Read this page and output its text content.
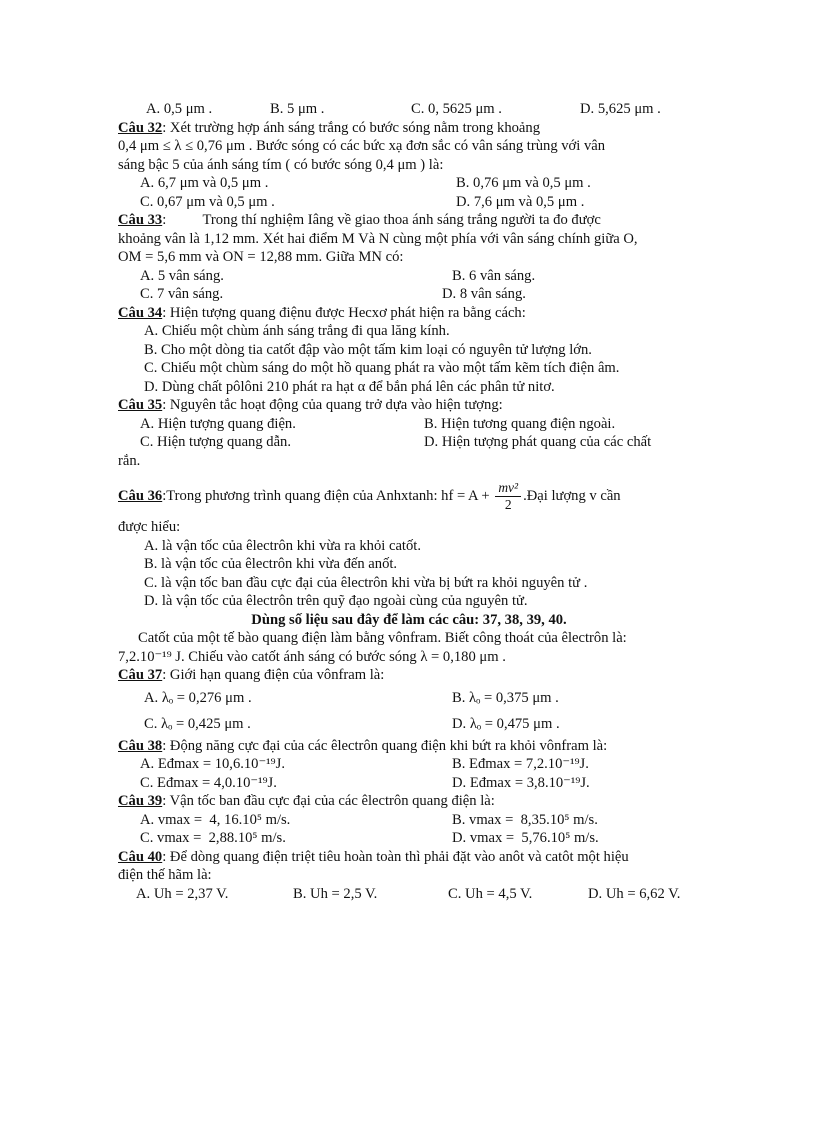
A. 0,5 μm .	B. 5 μm .	C. 0, 5625 μm .	D. 5,625 μm .
Câu 32: Xét trường hợp ánh sáng trắng có bước sóng nằm trong khoảng
0,4 μm ≤ λ ≤ 0,76 μm . Bước sóng có các bức xạ đơn sắc có vân sáng trùng với vân
sáng bậc 5 của ánh sáng tím ( có bước sóng 0,4 μm ) là:
A. 6,7 μm và 0,5 μm .	B. 0,76 μm và 0,5 μm .
C. 0,67 μm và 0,5 μm .	D. 7,6 μm và 0,5 μm .
Câu 33:          Trong thí nghiệm Iâng về giao thoa ánh sáng trắng người ta đo được
khoảng vân là 1,12 mm. Xét hai điểm M Và N cùng một phía với vân sáng chính giữa O,
OM = 5,6 mm và ON = 12,88 mm. Giữa MN có:
A. 5 vân sáng.	B. 6 vân sáng.
C. 7 vân sáng.	D. 8 vân sáng.
Câu 34: Hiện tượng quang điệnu được Hecxơ phát hiện ra bằng cách:
A. Chiếu một chùm ánh sáng trắng đi qua lăng kính.
B. Cho một dòng tia catốt đập vào một tấm kim loại có nguyên tử lượng lớn.
C. Chiếu một chùm sáng do một hồ quang phát ra vào một tấm kẽm tích điện âm.
D. Dùng chất pôlôni 210 phát ra hạt α để bắn phá lên các phân tử nitơ.
Câu 35: Nguyên tắc hoạt động của quang trở dựa vào hiện tượng:
A. Hiện tượng quang điện.	B. Hiện tương quang điện ngoài.
C. Hiện tượng quang dẫn.	D. Hiện tượng phát quang của các chất
rắn.
Câu 36:Trong phương trình quang điện của Anhxtanh: hf = $A + \frac{\text{mv²}}{2}$ .Đại lượng v cần
được hiểu:
A. là vận tốc của êlectrôn khi vừa ra khỏi catốt.
B. là vận tốc của êlectrôn khi vừa đến anốt.
C. là vận tốc ban đầu cực đại của êlectrôn khi vừa bị bứt ra khỏi nguyên tử .
D. là vận tốc của êlectrôn trên quỹ đạo ngoài cùng của nguyên tử.
Dùng số liệu sau đây để làm các câu: 37, 38, 39, 40.
Catốt của một tế bào quang điện làm bằng vônfram. Biết công thoát của êlectrôn là:
7,2.10⁻¹⁹ J. Chiếu vào catốt ánh sáng có bước sóng λ = 0,180 μm .
Câu 37: Giới hạn quang điện của vônfram là:
A. λₒ = 0,276 μm .	B. λₒ = 0,375 μm .
C. λₒ = 0,425 μm .	D. λₒ = 0,475 μm .
Câu 38: Động năng cực đại của các êlectrôn quang điện khi bứt ra khỏi vônfram là:
A. Eđmax = 10,6.10⁻¹⁹J.	B. Eđmax = 7,2.10⁻¹⁹J.
C. Eđmax = 4,0.10⁻¹⁹J.	D. Eđmax = 3,8.10⁻¹⁹J.
Câu 39: Vận tốc ban đầu cực đại của các êlectrôn quang điện là:
A. vmax =  4, 16.10⁵ m/s.	B. vmax =  8,35.10⁵ m/s.
C. vmax =  2,88.10⁵ m/s.	D. vmax =  5,76.10⁵ m/s.
Câu 40: Để dòng quang điện triệt tiêu hoàn toàn thì phải đặt vào anôt và catôt một hiệu
điện thế hãm là:
A. Uh = 2,37 V.	B. Uh = 2,5 V.	C. Uh = 4,5 V.	D. Uh = 6,62 V.
